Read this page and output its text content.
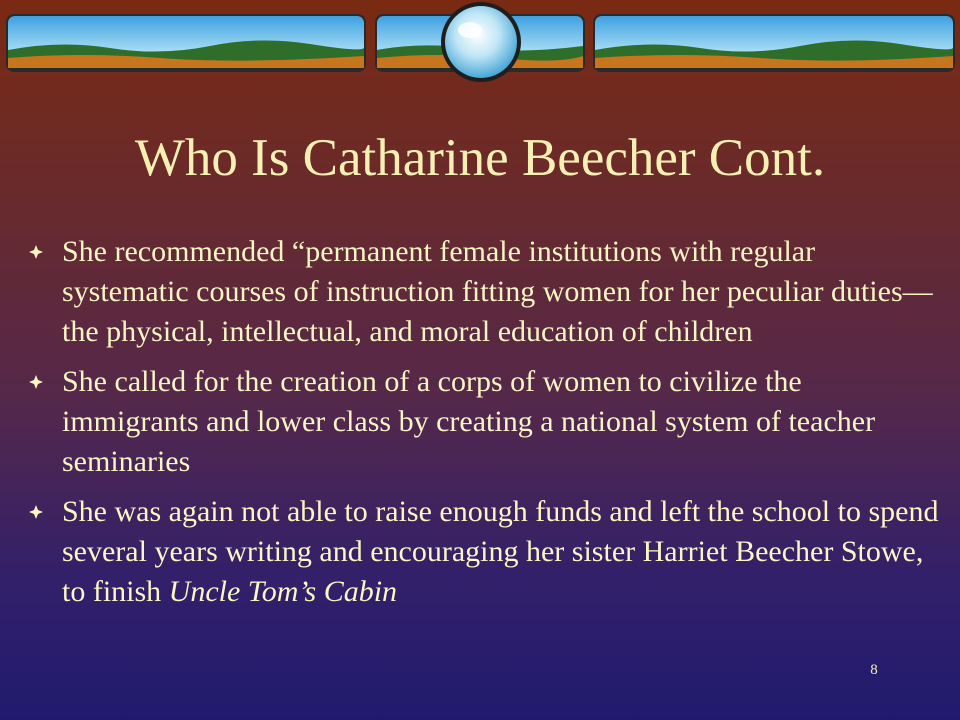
Who Is Catharine Beecher Cont.
She recommended “permanent female institutions with regular systematic courses of instruction fitting women for her peculiar duties—the physical, intellectual, and moral education of children
She called for the creation of a corps of women to civilize the immigrants and lower class by creating a national system of teacher seminaries
She was again not able to raise enough funds and left the school to spend several years writing and encouraging her sister Harriet Beecher Stowe, to finish Uncle Tom’s Cabin
8
